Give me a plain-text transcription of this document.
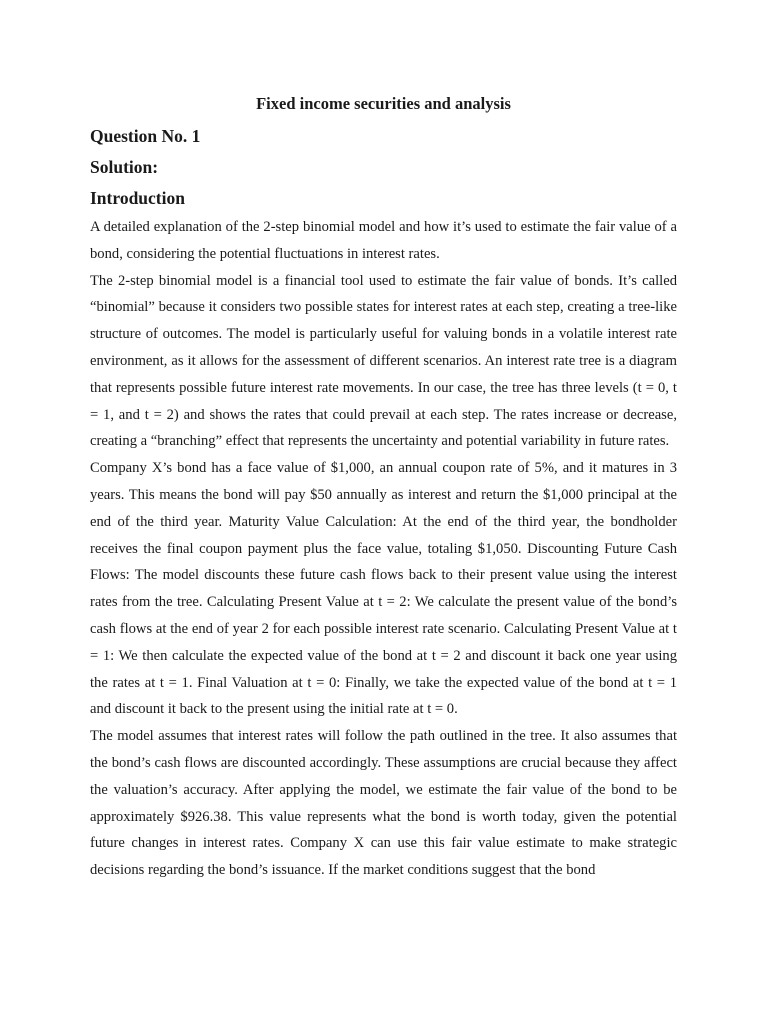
Fixed income securities and analysis

Question No. 1

Solution:

Introduction

A detailed explanation of the 2-step binomial model and how it’s used to estimate the fair value of a bond, considering the potential fluctuations in interest rates.

The 2-step binomial model is a financial tool used to estimate the fair value of bonds. It’s called “binomial” because it considers two possible states for interest rates at each step, creating a tree-like structure of outcomes. The model is particularly useful for valuing bonds in a volatile interest rate environment, as it allows for the assessment of different scenarios. An interest rate tree is a diagram that represents possible future interest rate movements. In our case, the tree has three levels (t = 0, t = 1, and t = 2) and shows the rates that could prevail at each step. The rates increase or decrease, creating a “branching” effect that represents the uncertainty and potential variability in future rates.

Company X’s bond has a face value of $1,000, an annual coupon rate of 5%, and it matures in 3 years. This means the bond will pay $50 annually as interest and return the $1,000 principal at the end of the third year. Maturity Value Calculation: At the end of the third year, the bondholder receives the final coupon payment plus the face value, totaling $1,050. Discounting Future Cash Flows: The model discounts these future cash flows back to their present value using the interest rates from the tree. Calculating Present Value at t = 2: We calculate the present value of the bond’s cash flows at the end of year 2 for each possible interest rate scenario. Calculating Present Value at t = 1: We then calculate the expected value of the bond at t = 2 and discount it back one year using the rates at t = 1. Final Valuation at t = 0: Finally, we take the expected value of the bond at t = 1 and discount it back to the present using the initial rate at t = 0.

The model assumes that interest rates will follow the path outlined in the tree. It also assumes that the bond’s cash flows are discounted accordingly. These assumptions are crucial because they affect the valuation’s accuracy. After applying the model, we estimate the fair value of the bond to be approximately $926.38. This value represents what the bond is worth today, given the potential future changes in interest rates. Company X can use this fair value estimate to make strategic decisions regarding the bond’s issuance. If the market conditions suggest that the bond
